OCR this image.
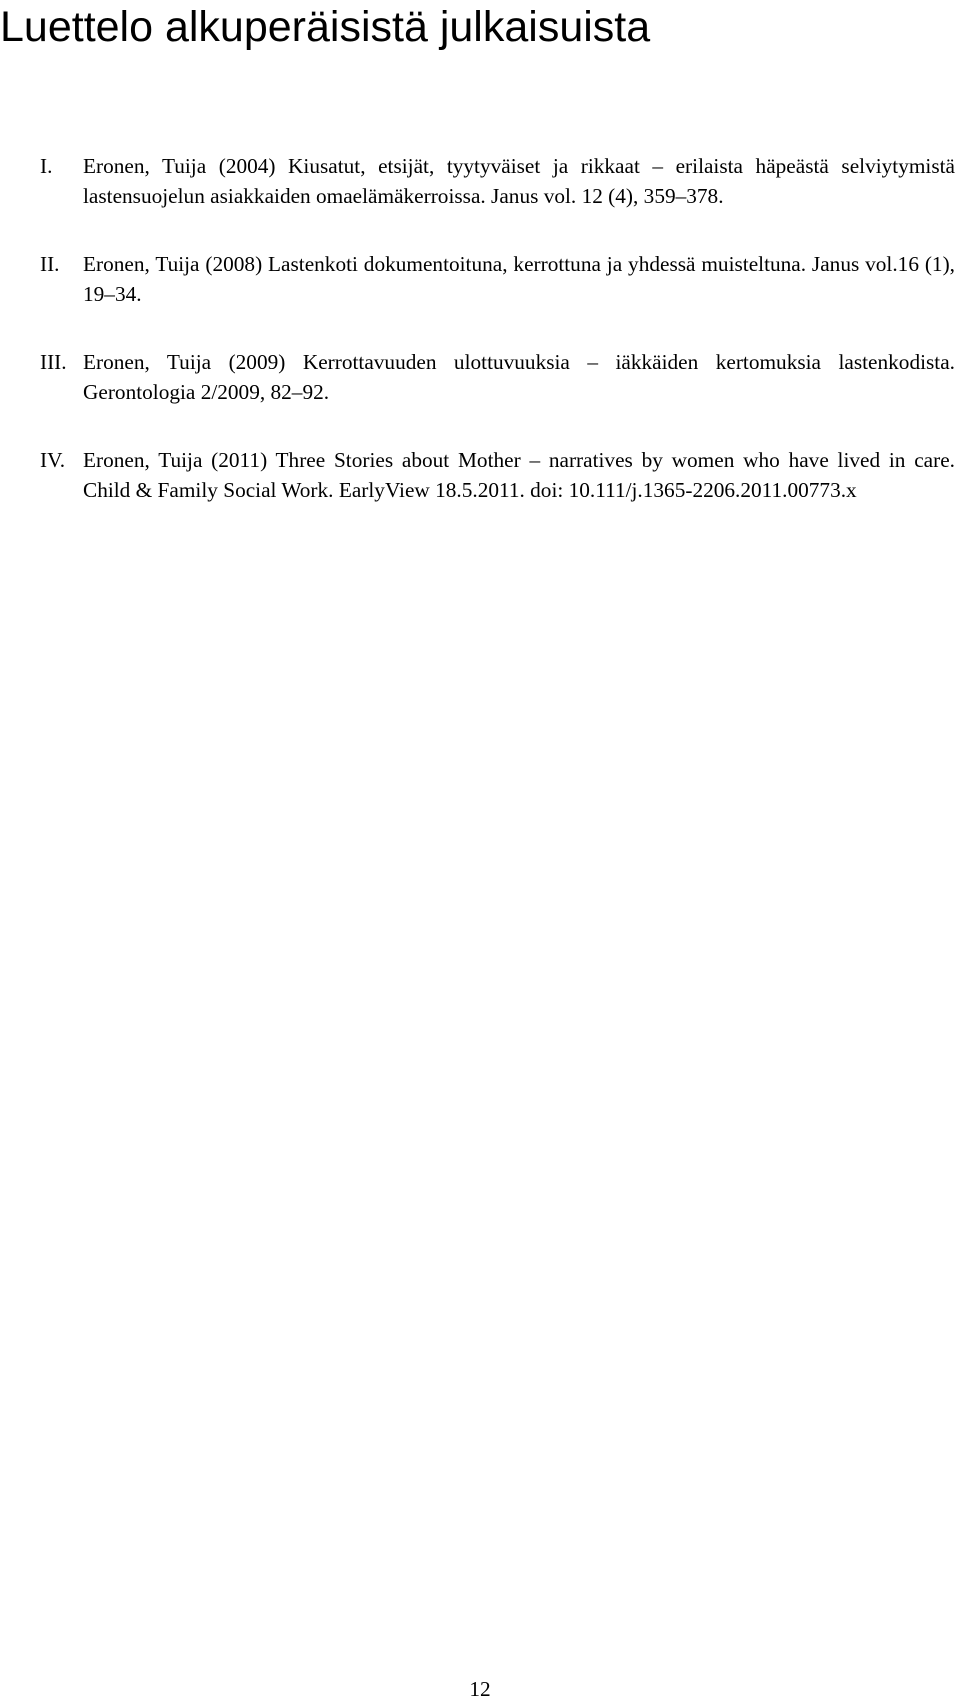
Luettelo alkuperäisistä julkaisuista
I. Eronen, Tuija (2004) Kiusatut, etsijät, tyytyväiset ja rikkaat – erilaista häpeästä selviytymistä lastensuojelun asiakkaiden omaelämäkerroissa. Janus vol. 12 (4), 359–378.
II. Eronen, Tuija (2008) Lastenkoti dokumentoituna, kerrottuna ja yhdessä muisteltuna. Janus vol.16 (1), 19–34.
III. Eronen, Tuija (2009) Kerrottavuuden ulottuvuuksia – iäkkäiden kertomuksia lastenkodista. Gerontologia 2/2009, 82–92.
IV. Eronen, Tuija (2011) Three Stories about Mother – narratives by women who have lived in care. Child & Family Social Work. EarlyView 18.5.2011. doi: 10.111/j.1365-2206.2011.00773.x
12
